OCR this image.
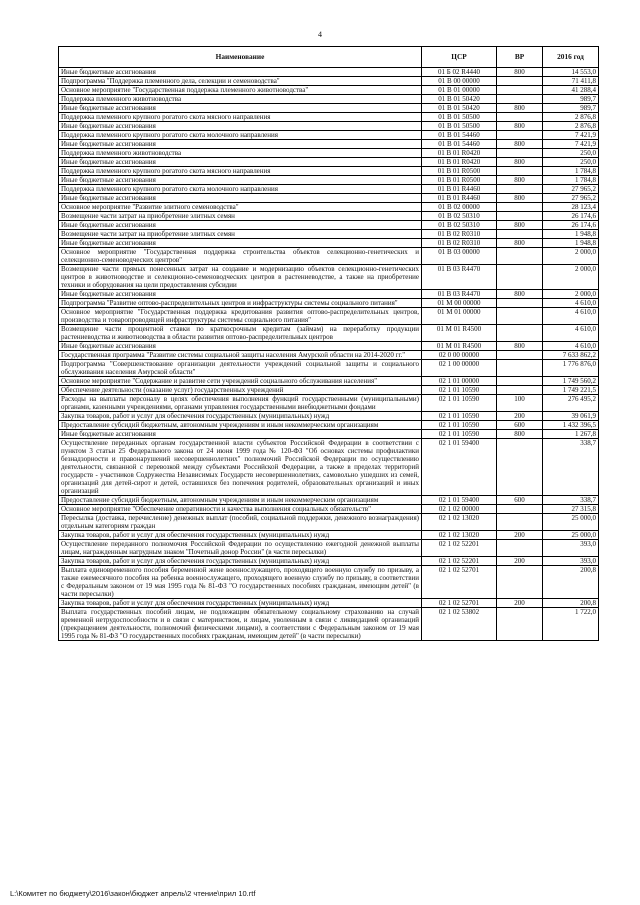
4
Наименование	ЦСР	ВР	2016 год
Иные бюджетные ассигнования	01 Б 02 R4440	800	14 553,0
Подпрограмма "Поддержка племенного дела, селекции и семеноводства"	01 В 00 00000		71 411,8
Основное мероприятие "Государственная поддержка племенного животноводства"	01 В 01 00000		41 288,4
Поддержка племенного животноводства	01 В 01 50420		989,7
Иные бюджетные ассигнования	01 В 01 50420	800	989,7
Поддержка племенного крупного рогатого скота мясного направления	01 В 01 50500		2 876,8
Иные бюджетные ассигнования	01 В 01 50500	800	2 876,8
Поддержка племенного крупного рогатого скота молочного направления	01 В 01 54460		7 421,9
Иные бюджетные ассигнования	01 В 01 54460	800	7 421,9
Поддержка племенного животноводства	01 В 01 R0420		250,0
Иные бюджетные ассигнования	01 В 01 R0420	800	250,0
Поддержка племенного крупного рогатого скота мясного направления	01 В 01 R0500		1 784,8
Иные бюджетные ассигнования	01 В 01 R0500	800	1 784,8
Поддержка племенного крупного рогатого скота молочного направления	01 В 01 R4460		27 965,2
Иные бюджетные ассигнования	01 В 01 R4460	800	27 965,2
Основное мероприятие "Развитие элитного семеноводства"	01 В 02 00000		28 123,4
Возмещение части затрат на приобретение элитных семян	01 В 02 50310		26 174,6
Иные бюджетные ассигнования	01 В 02 50310	800	26 174,6
Возмещение части затрат на приобретение элитных семян	01 В 02 R0310		1 948,8
Иные бюджетные ассигнования	01 В 02 R0310	800	1 948,8
Основное мероприятие "Государственная поддержка строительства объектов селекционно-генетических и селекционно-семеноводческих центров"	01 В 03 00000		2 000,0
Возмещение части прямых понесенных затрат на создание и модернизацию объектов селекционно-генетических центров в животноводстве и селекционно-семеноводческих центров в растениеводстве, а также на приобретение техники и оборудования на цели предоставления субсидии	01 В 03 R4470		2 000,0
Иные бюджетные ассигнования	01 В 03 R4470	800	2 000,0
Подпрограмма "Развитие оптово-распределительных центров и инфраструктуры системы социального питания"	01 М 00 00000		4 610,0
Основное мероприятие "Государственная поддержка кредитования развития оптово-распределительных центров, производства и товаропроводящей инфраструктуры системы социального питания"	01 М 01 00000		4 610,0
Возмещение части процентной ставки по краткосрочным кредитам (займам) на переработку продукции растениеводства и животноводства в области развития оптово-распределительных центров	01 М 01 R4500		4 610,0
Иные бюджетные ассигнования	01 М 01 R4500	800	4 610,0
Государственная программа "Развитие системы социальной защиты населения Амурской области на 2014-2020 гг."	02 0 00 00000		7 633 862,2
Подпрограмма "Совершенствование организации деятельности учреждений социальной защиты и социального обслуживания населения Амурской области"	02 1 00 00000		1 776 876,0
Основное мероприятие "Содержание и развитие сети учреждений социального обслуживания населения"	02 1 01 00000		1 749 560,2
Обеспечение деятельности (оказание услуг) государственных учреждений	02 1 01 10590		1 749 221,5
Расходы на выплаты персоналу в целях обеспечения выполнения функций государственными (муниципальными) органами, казенными учреждениями, органами управления государственными внебюджетными фондами	02 1 01 10590	100	276 495,2
Закупка товаров, работ и услуг для обеспечения государственных (муниципальных) нужд	02 1 01 10590	200	39 061,9
Предоставление субсидий бюджетным, автономным учреждениям и иным некоммерческим организациям	02 1 01 10590	600	1 432 396,5
Иные бюджетные ассигнования	02 1 01 10590	800	1 267,8
Осуществление переданных органам государственной власти субъектов Российской Федерации в соответствии с пунктом 3 статьи 25 Федерального закона от 24 июня 1999 года № 120-ФЗ "Об основах системы профилактики безнадзорности и правонарушений несовершеннолетних" полномочий Российской Федерации по осуществлению деятельности, связанной с перевозкой между субъектами Российской Федерации, а также в пределах территорий государств - участников Содружества Независимых Государств несовершеннолетних, самовольно ушедших из семей, организаций для детей-сирот и детей, оставшихся без попечения родителей, образовательных организаций и иных организаций	02 1 01 59400		338,7
Предоставление субсидий бюджетным, автономным учреждениям и иным некоммерческим организациям	02 1 01 59400	600	338,7
Основное мероприятие "Обеспечение оперативности и качества выполнения социальных обязательств"	02 1 02 00000		27 315,8
Пересылка (доставка, перечисление) денежных выплат (пособий, социальной поддержки, денежного вознаграждения) отдельным категориям граждан	02 1 02 13020		25 000,0
Закупка товаров, работ и услуг для обеспечения государственных (муниципальных) нужд	02 1 02 13020	200	25 000,0
Осуществление переданного полномочия Российской Федерации по осуществлению ежегодной денежной выплаты лицам, награжденным нагрудным знаком "Почетный донор России" (в части пересылки)	02 1 02 52201		393,0
Закупка товаров, работ и услуг для обеспечения государственных (муниципальных) нужд	02 1 02 52201	200	393,0
Выплата единовременного пособия беременной жене военнослужащего, проходящего военную службу по призыву, а также ежемесячного пособия на ребенка военнослужащего, проходящего военную службу по призыву, в соответствии с Федеральным законом от 19 мая 1995 года № 81-ФЗ "О государственных пособиях гражданам, имеющим детей" (в части пересылки)	02 1 02 52701		200,8
Закупка товаров, работ и услуг для обеспечения государственных (муниципальных) нужд	02 1 02 52701	200	200,8
Выплата государственных пособий лицам, не подлежащим обязательному социальному страхованию на случай временной нетрудоспособности и в связи с материнством, и лицам, уволенным в связи с ликвидацией организаций (прекращением деятельности, полномочий физическими лицами), в соответствии с Федеральным законом от 19 мая 1995 года № 81-ФЗ "О государственных пособиях гражданам, имеющим детей" (в части пересылки)	02 1 02 53802		1 722,0
L:\Комитет по бюджету\2016\закон\бюджет апрель\2 чтение\прил 10.rtf
